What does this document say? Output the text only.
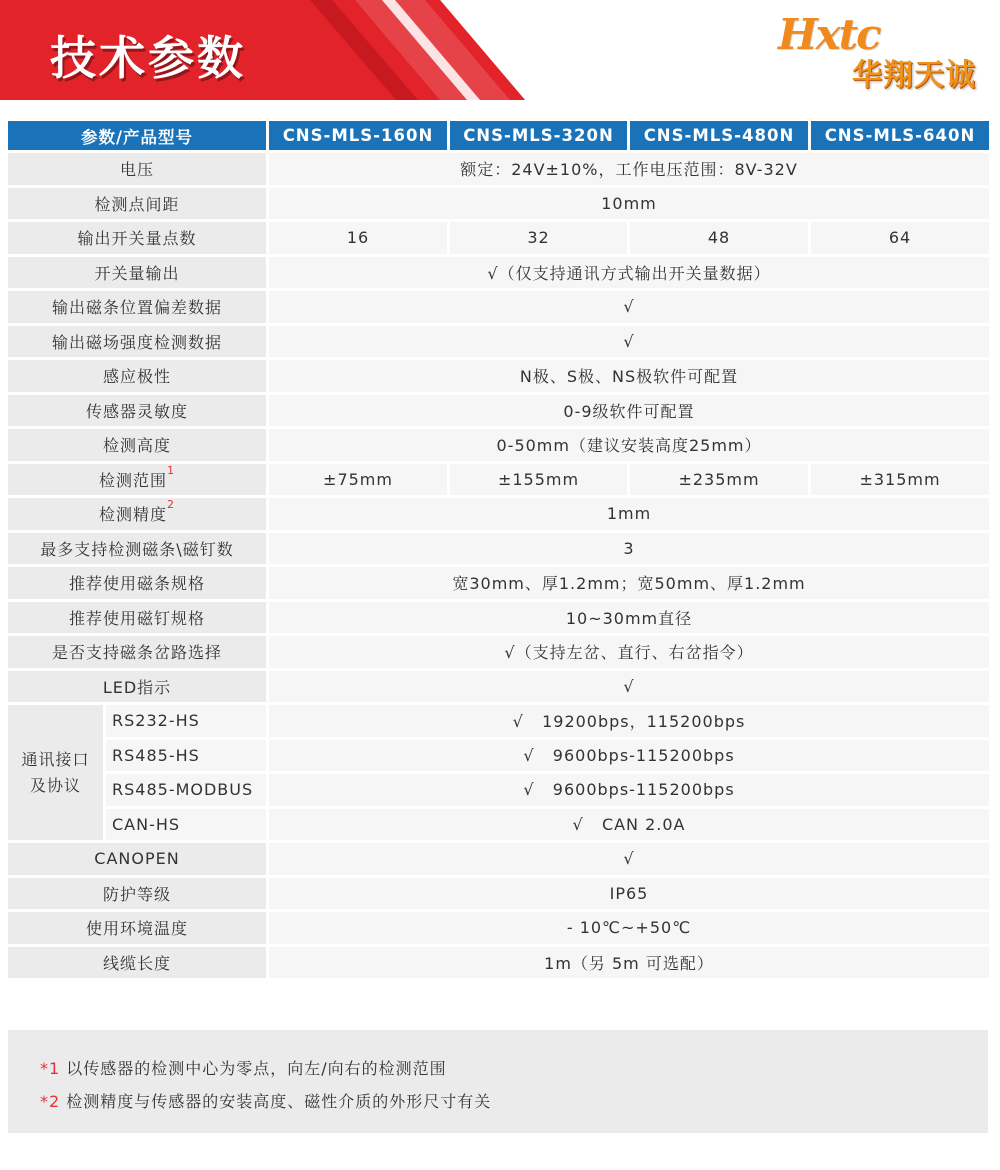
技术参数	Hxtc
华翔天诚
参数/产品型号		CNS-MLS-160N	CNS-MLS-320N	CNS-MLS-480N	CNS-MLS-640N
电压		额定：24V±10%，工作电压范围：8V-32V			
检测点间距		10mm			
输出开关量点数		16	32	48	64
开关量输出		√（仅支持通讯方式输出开关量数据）			
输出磁条位置偏差数据		√			
输出磁场强度检测数据		√			
感应极性		N极、S极、NS极软件可配置			
传感器灵敏度		0-9级软件可配置			
检测高度		0-50mm（建议安装高度25mm）			
检测范围$^1$		±75mm	±155mm	±235mm	±315mm
检测精度$^2$		1mm			
最多支持检测磁条\磁钉数		3			
推荐使用磁条规格		宽30mm、厚1.2mm；宽50mm、厚1.2mm			
推荐使用磁钉规格		10~30mm直径			
是否支持磁条岔路选择		√（支持左岔、直行、右岔指令）			
LED指示		√			

通讯接口
及协议	RS232-HS	√   19200bps，115200bps			
	RS485-HS	√   9600bps-115200bps			
	RS485-MODBUS	√   9600bps-115200bps			
	CAN-HS	√   CAN 2.0A			
CANOPEN		√			
防护等级		IP65			
使用环境温度		- 10℃~+50℃			
线缆长度		1m（另 5m 可选配）			
*1 以传感器的检测中心为零点，向左/向右的检测范围
*2 检测精度与传感器的安装高度、磁性介质的外形尺寸有关
